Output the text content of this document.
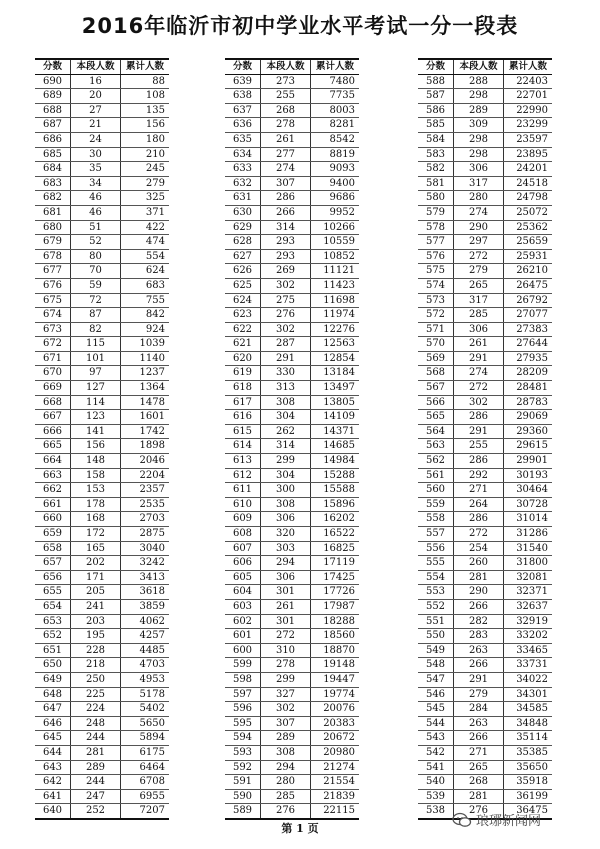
2016年临沂市初中学业水平考试一分一段表
分数	本段人数	累计人数
690	16	88
689	20	108
688	27	135
687	21	156
686	24	180
685	30	210
684	35	245
683	34	279
682	46	325
681	46	371
680	51	422
679	52	474
678	80	554
677	70	624
676	59	683
675	72	755
674	87	842
673	82	924
672	115	1039
671	101	1140
670	97	1237
669	127	1364
668	114	1478
667	123	1601
666	141	1742
665	156	1898
664	148	2046
663	158	2204
662	153	2357
661	178	2535
660	168	2703
659	172	2875
658	165	3040
657	202	3242
656	171	3413
655	205	3618
654	241	3859
653	203	4062
652	195	4257
651	228	4485
650	218	4703
649	250	4953
648	225	5178
647	224	5402
646	248	5650
645	244	5894
644	281	6175
643	289	6464
642	244	6708
641	247	6955
640	252	7207
分数	本段人数	累计人数
639	273	7480
638	255	7735
637	268	8003
636	278	8281
635	261	8542
634	277	8819
633	274	9093
632	307	9400
631	286	9686
630	266	9952
629	314	10266
628	293	10559
627	293	10852
626	269	11121
625	302	11423
624	275	11698
623	276	11974
622	302	12276
621	287	12563
620	291	12854
619	330	13184
618	313	13497
617	308	13805
616	304	14109
615	262	14371
614	314	14685
613	299	14984
612	304	15288
611	300	15588
610	308	15896
609	306	16202
608	320	16522
607	303	16825
606	294	17119
605	306	17425
604	301	17726
603	261	17987
602	301	18288
601	272	18560
600	310	18870
599	278	19148
598	299	19447
597	327	19774
596	302	20076
595	307	20383
594	289	20672
593	308	20980
592	294	21274
591	280	21554
590	285	21839
589	276	22115
分数	本段人数	累计人数
588	288	22403
587	298	22701
586	289	22990
585	309	23299
584	298	23597
583	298	23895
582	306	24201
581	317	24518
580	280	24798
579	274	25072
578	290	25362
577	297	25659
576	272	25931
575	279	26210
574	265	26475
573	317	26792
572	285	27077
571	306	27383
570	261	27644
569	291	27935
568	274	28209
567	272	28481
566	302	28783
565	286	29069
564	291	29360
563	255	29615
562	286	29901
561	292	30193
560	271	30464
559	264	30728
558	286	31014
557	272	31286
556	254	31540
555	260	31800
554	281	32081
553	290	32371
552	266	32637
551	282	32919
550	283	33202
549	263	33465
548	266	33731
547	291	34022
546	279	34301
545	284	34585
544	263	34848
543	266	35114
542	271	35385
541	265	35650
540	268	35918
539	281	36199
538	276	36475
第 1 页	琅琊新闻网
